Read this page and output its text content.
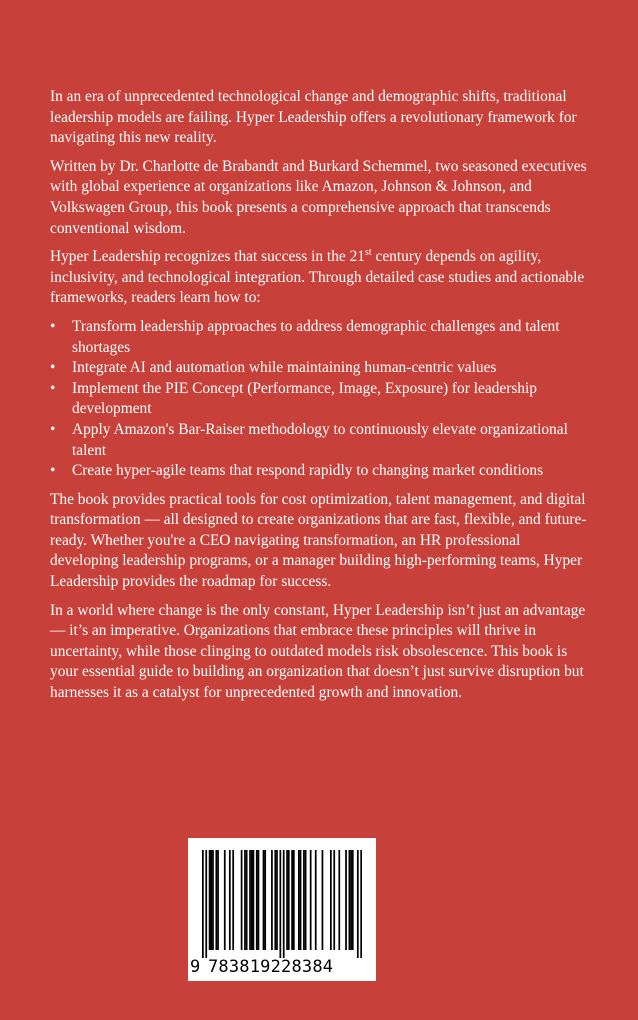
In an era of unprecedented technological change and demographic shifts, traditional leadership models are failing. Hyper Leadership offers a revolutionary framework for navigating this new reality.

Written by Dr. Charlotte de Brabandt and Burkard Schemmel, two seasoned executives with global experience at organizations like Amazon, Johnson & Johnson, and Volkswagen Group, this book presents a comprehensive approach that transcends conventional wisdom.

Hyper Leadership recognizes that success in the 21st century depends on agility, inclusivity, and technological integration. Through detailed case studies and actionable frameworks, readers learn how to:

• Transform leadership approaches to address demographic challenges and talent shortages
• Integrate AI and automation while maintaining human-centric values
• Implement the PIE Concept (Performance, Image, Exposure) for leadership development
• Apply Amazon's Bar-Raiser methodology to continuously elevate organizational talent
• Create hyper-agile teams that respond rapidly to changing market conditions

The book provides practical tools for cost optimization, talent management, and digital transformation — all designed to create organizations that are fast, flexible, and future-ready. Whether you're a CEO navigating transformation, an HR professional developing leadership programs, or a manager building high-performing teams, Hyper Leadership provides the roadmap for success.

In a world where change is the only constant, Hyper Leadership isn’t just an advantage — it’s an imperative. Organizations that embrace these principles will thrive in uncertainty, while those clinging to outdated models risk obsolescence. This book is your essential guide to building an organization that doesn’t just survive disruption but harnesses it as a catalyst for unprecedented growth and innovation.

9 783819228384
